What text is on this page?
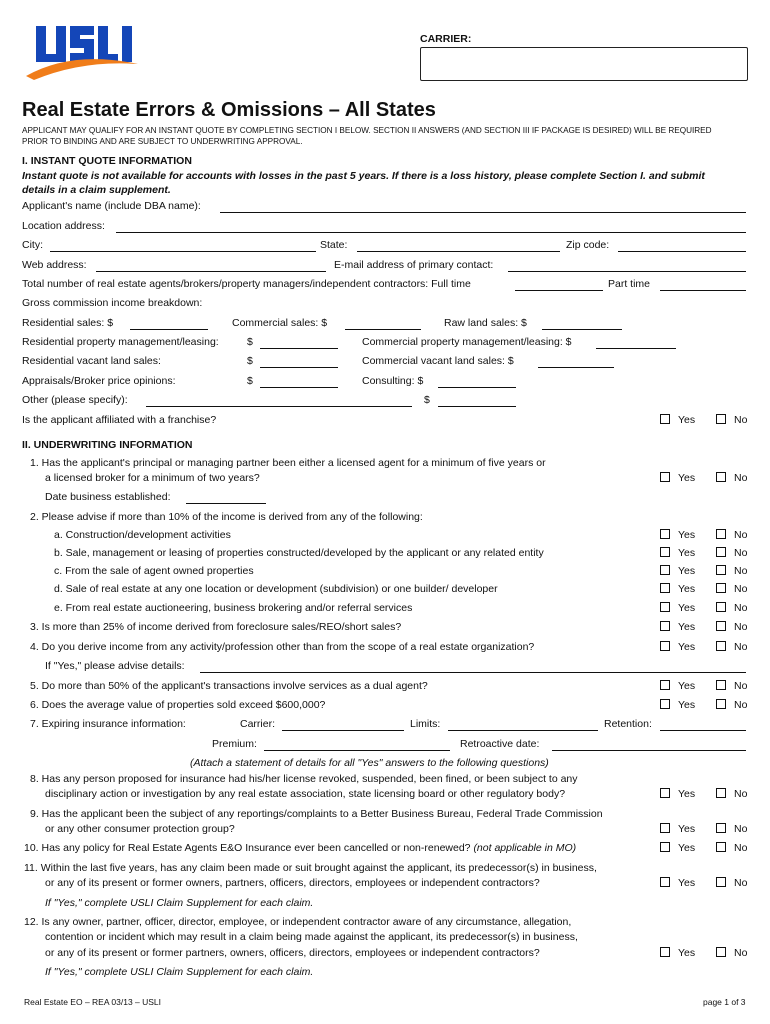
CARRIER:
Real Estate Errors & Omissions – All States
APPLICANT MAY QUALIFY FOR AN INSTANT QUOTE BY COMPLETING SECTION I BELOW. SECTION II ANSWERS (AND SECTION III IF PACKAGE IS DESIRED) WILL BE REQUIRED
PRIOR TO BINDING AND ARE SUBJECT TO UNDERWRITING APPROVAL.
I. INSTANT QUOTE INFORMATION
Instant quote is not available for accounts with losses in the past 5 years. If there is a loss history, please complete Section I. and submit
details in a claim supplement.
Applicant's name (include DBA name):
Location address:
City:	State:	Zip code:
Web address:	E-mail address of primary contact:
Total number of real estate agents/brokers/property managers/independent contractors: Full time	Part time
Gross commission income breakdown:
Residential sales: $	Commercial sales: $	Raw land sales: $
Residential property management/leasing:	$	Commercial property management/leasing: $
Residential vacant land sales:	$	Commercial vacant land sales: $
Appraisals/Broker price opinions:	$	Consulting: $
Other (please specify):	$
Is the applicant affiliated with a franchise?	Yes	No
II. UNDERWRITING INFORMATION
1. Has the applicant's principal or managing partner been either a licensed agent for a minimum of five years or
a licensed broker for a minimum of two years?	Yes	No
Date business established:
2. Please advise if more than 10% of the income is derived from any of the following:
a. Construction/development activities	Yes	No
b. Sale, management or leasing of properties constructed/developed by the applicant or any related entity	Yes	No
c. From the sale of agent owned properties	Yes	No
d. Sale of real estate at any one location or development (subdivision) or one builder/ developer	Yes	No
e. From real estate auctioneering, business brokering and/or referral services	Yes	No
3. Is more than 25% of income derived from foreclosure sales/REO/short sales?	Yes	No
4. Do you derive income from any activity/profession other than from the scope of a real estate organization?	Yes	No
If "Yes," please advise details:
5. Do more than 50% of the applicant's transactions involve services as a dual agent?	Yes	No
6. Does the average value of properties sold exceed $600,000?	Yes	No
7. Expiring insurance information:	Carrier:	Limits:	Retention:
Premium:	Retroactive date:
(Attach a statement of details for all "Yes" answers to the following questions)
8. Has any person proposed for insurance had his/her license revoked, suspended, been fined, or been subject to any
disciplinary action or investigation by any real estate association, state licensing board or other regulatory body?	Yes	No
9. Has the applicant been the subject of any reportings/complaints to a Better Business Bureau, Federal Trade Commission
or any other consumer protection group?	Yes	No
10. Has any policy for Real Estate Agents E&O Insurance ever been cancelled or non-renewed? (not applicable in MO)	Yes	No
11. Within the last five years, has any claim been made or suit brought against the applicant, its predecessor(s) in business,
or any of its present or former owners, partners, officers, directors, employees or independent contractors?	Yes	No
If "Yes," complete USLI Claim Supplement for each claim.
12. Is any owner, partner, officer, director, employee, or independent contractor aware of any circumstance, allegation,
contention or incident which may result in a claim being made against the applicant, its predecessor(s) in business,
or any of its present or former partners, owners, officers, directors, employees or independent contractors?	Yes	No
If "Yes," complete USLI Claim Supplement for each claim.
Real Estate EO – REA 03/13 – USLI	page 1 of 3
